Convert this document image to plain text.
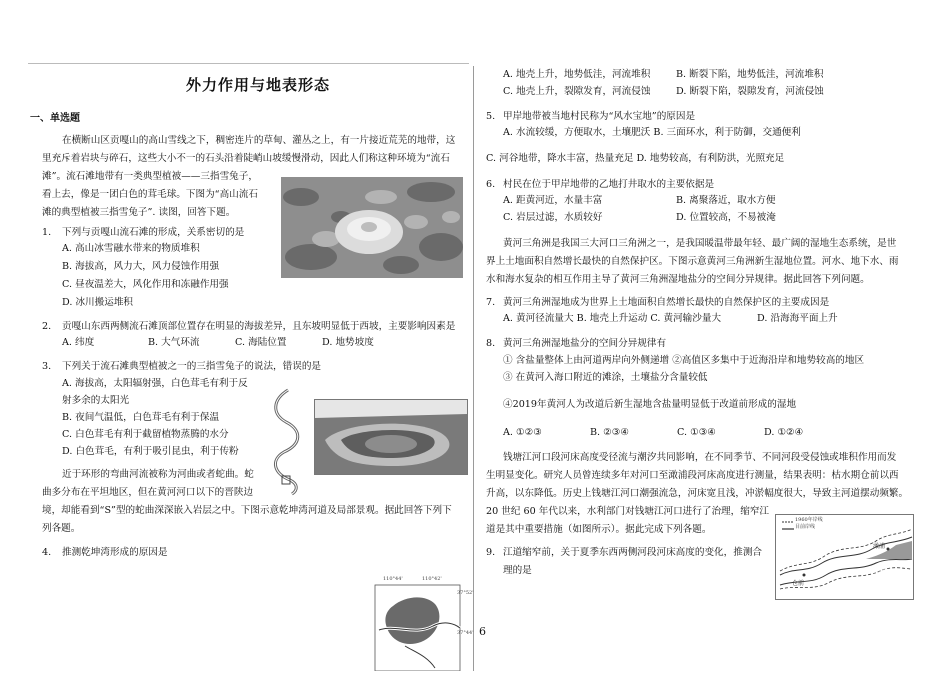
外力作用与地表形态
一、单选题
在横断山区贡嘎山的高山雪线之下，稠密连片的草甸、灌丛之上，有一片接近荒芜的地带，这
里充斥着岩块与碎石，这些大小不一的石头沿着陡峭山坡缓慢滑动，因此人们称这种环境为“流石
滩”。流石滩地带有一类典型植被——三指雪兔子，
看上去，像是一团白色的茸毛球。下图为“高山流石
滩的典型植被三指雪兔子”. 读图，回答下题。
1. 下列与贡嘎山流石滩的形成，关系密切的是
A. 高山冰雪融水带来的物质堆积
B. 海拔高，风力大，风力侵蚀作用强
C. 昼夜温差大，风化作用和冻融作用强
D. 冰川搬运堆积
2. 贡嘎山东西两侧流石滩顶部位置存在明显的海拔差异，且东坡明显低于西坡，主要影响因素是
A. 纬度	B. 大气环流	C. 海陆位置	D. 地势坡度
3. 下列关于流石滩典型植被之一的三指雪兔子的说法，错误的是
A. 海拔高，太阳辐射强，白色茸毛有利于反
射多余的太阳光
B. 夜间气温低，白色茸毛有利于保温
C. 白色茸毛有利于截留植物蒸腾的水分
D. 白色茸毛，有利于吸引昆虫，利于传粉
近于环形的弯曲河流被称为河曲或者蛇曲。蛇
曲多分布在平坦地区，但在黄河河口以下的晋陕边
境，却能看到“S”型的蛇曲深深嵌入岩层之中。下图示意乾坤湾河道及局部景观。据此回答下列下
列各题。
4. 推测乾坤湾形成的原因是
110°44'	110°42'
37°52'
37°44' 6
A. 地壳上升，地势低洼，河流堆积	B. 断裂下陷，地势低洼，河流堆积
C. 地壳上升，裂隙发育，河流侵蚀	D. 断裂下陷，裂隙发育，河流侵蚀
5. 甲岸地带被当地村民称为“风水宝地”的原因是
A. 水流较缓，方便取水，土壤肥沃 B. 三面环水，利于防御，交通便利
C. 河谷地带，降水丰富，热量充足 D. 地势较高，有利防洪，光照充足
6. 村民在位于甲岸地带的乙地打井取水的主要依据是
A. 距黄河近，水量丰富	B. 离聚落近，取水方便
C. 岩层过滤，水质较好	D. 位置较高，不易被淹
黄河三角洲是我国三大河口三角洲之一，是我国暖温带最年轻、最广阔的湿地生态系统，是世
界上土地面积自然增长最快的自然保护区。下图示意黄河三角洲新生湿地位置。河水、地下水、雨
水和海水复杂的相互作用主导了黄河三角洲湿地盐分的空间分异规律。据此回答下列问题。
7. 黄河三角洲湿地成为世界上土地面积自然增长最快的自然保护区的主要成因是
A. 黄河径流量大 B. 地壳上升运动 C. 黄河输沙量大	D. 沿海海平面上升
8. 黄河三角洲湿地盐分的空间分异规律有
① 含盐量整体上由河道两岸向外侧递增 ②高值区多集中于近海沿岸和地势较高的地区
③ 在黄河入海口附近的滩涂，土壤盐分含量较低
④2019年黄河人为改道后新生湿地含盐量明显低于改道前形成的湿地
A. ①②③	B. ②③④	C. ①③④	D. ①②④
钱塘江河口段河床高度受径流与潮汐共同影响，在不同季节、不同河段受侵蚀或堆积作用而发
生明显变化。研究人员曾连续多年对河口至澉浦段河床高度进行测量，结果表明：枯水期仓前以西
升高，以东降低。历史上钱塘江河口潮强流急，河床宽且浅，冲淤幅度很大，导致主河道摆动频繁。
20 世纪 60 年代以来，水利部门对钱塘江河口进行了治理，缩窄江
道是其中重要措施（如图所示）。据此完成下列各题。
9. 江道缩窄前，关于夏季东西两侧河段河床高度的变化，推测合
理的是
1960年岸线
目前岸线
杭州湾
澉浦
仓前
